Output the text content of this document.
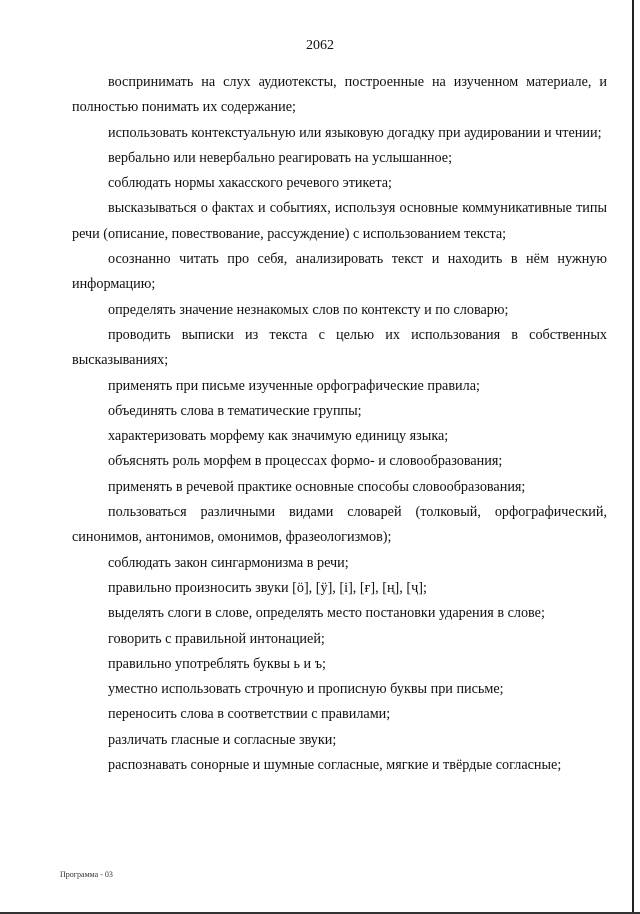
2062

воспринимать на слух аудиотексты, построенные на изученном материале, и полностью понимать их содержание;

использовать контекстуальную или языковую догадку при аудировании и чтении;

вербально или невербально реагировать на услышанное;

соблюдать нормы хакасского речевого этикета;

высказываться о фактах и событиях, используя основные коммуникативные типы речи (описание, повествование, рассуждение) с использованием текста;

осознанно читать про себя, анализировать текст и находить в нём нужную информацию;

определять значение незнакомых слов по контексту и по словарю;

проводить выписки из текста с целью их использования в собственных высказываниях;

применять при письме изученные орфографические правила;

объединять слова в тематические группы;

характеризовать морфему как значимую единицу языка;

объяснять роль морфем в процессах формо- и словообразования;

применять в речевой практике основные способы словообразования;

пользоваться различными видами словарей (толковый, орфографический, синонимов, антонимов, омонимов, фразеологизмов);

соблюдать закон сингармонизма в речи;

правильно произносить звуки [ӧ], [ӱ], [і], [ғ], [ң], [ҷ];

выделять слоги в слове, определять место постановки ударения в слове;

говорить с правильной интонацией;

правильно употреблять буквы ь и ъ;

уместно использовать строчную и прописную буквы при письме;

переносить слова в соответствии с правилами;

различать гласные и согласные звуки;

распознавать сонорные и шумные согласные, мягкие и твёрдые согласные;

Программа - 03
